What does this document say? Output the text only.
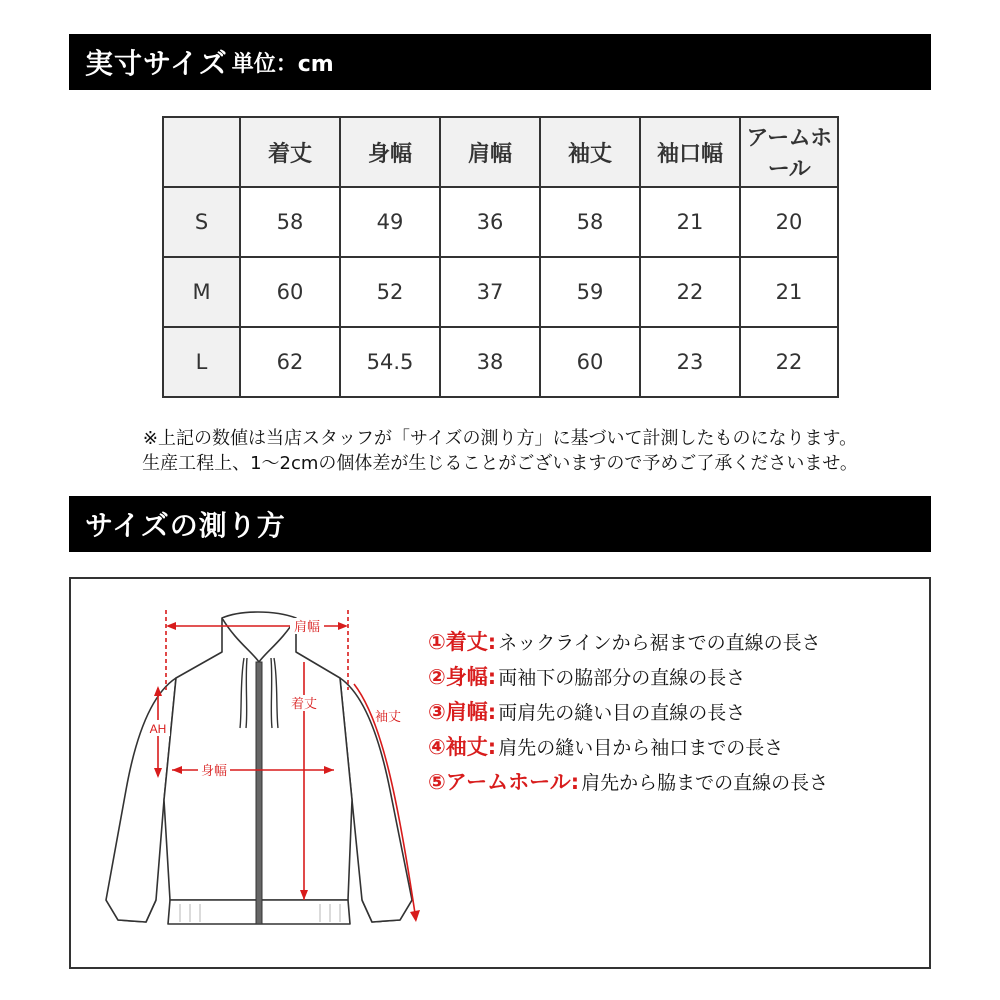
実寸サイズ 単位：cm
	着丈	身幅	肩幅	袖丈	袖口幅	アームホール
S	58	49	36	58	21	20
M	60	52	37	59	22	21
L	62	54.5	38	60	23	22
※上記の数値は当店スタッフが「サイズの測り方」に基づいて計測したものになります。
生産工程上、1〜2cmの個体差が生じることがございますので予めご了承くださいませ。
サイズの測り方
肩幅
着丈
身幅
袖丈
AH
① 着丈: ネックラインから裾までの直線の長さ
② 身幅: 両袖下の脇部分の直線の長さ
③ 肩幅: 両肩先の縫い目の直線の長さ
④ 袖丈: 肩先の縫い目から袖口までの長さ
⑤ アームホール: 肩先から脇までの直線の長さ
